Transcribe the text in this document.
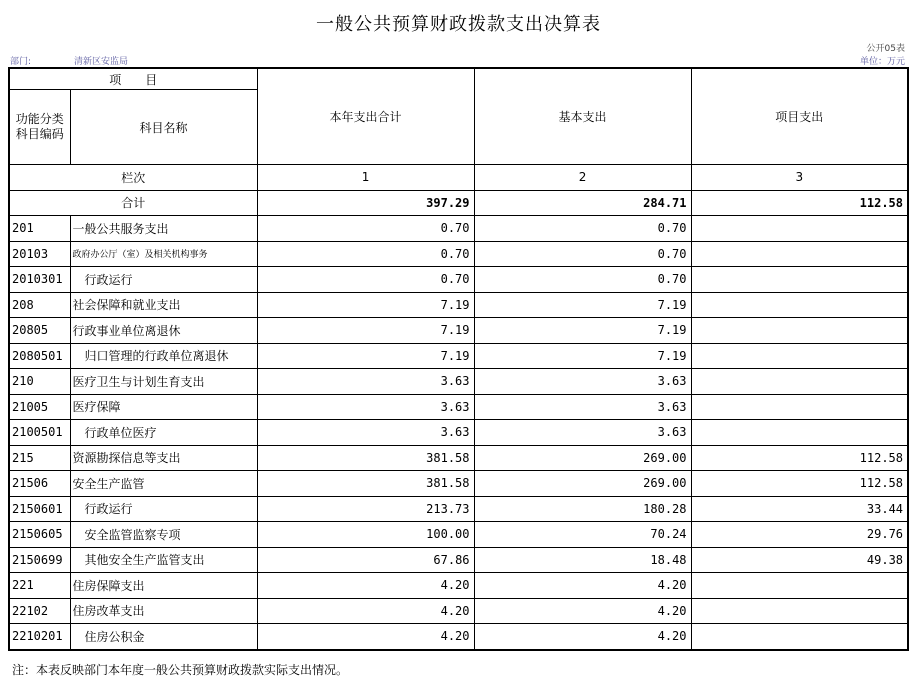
一般公共预算财政拨款支出决算表
部门:	清新区安监局
公开05表
单位：万元
项　　目		本年支出合计	基本支出	项目支出
功能分类
科目编码	科目名称			
栏次		1	2	3
合计		397.29	284.71	112.58
201	一般公共服务支出	0.70	0.70	
20103	政府办公厅（室）及相关机构事务	0.70	0.70	
2010301	行政运行	0.70	0.70	
208	社会保障和就业支出	7.19	7.19	
20805	行政事业单位离退休	7.19	7.19	
2080501	归口管理的行政单位离退休	7.19	7.19	
210	医疗卫生与计划生育支出	3.63	3.63	
21005	医疗保障	3.63	3.63	
2100501	行政单位医疗	3.63	3.63	
215	资源勘探信息等支出	381.58	269.00	112.58
21506	安全生产监管	381.58	269.00	112.58
2150601	行政运行	213.73	180.28	33.44
2150605	安全监管监察专项	100.00	70.24	29.76
2150699	其他安全生产监管支出	67.86	18.48	49.38
221	住房保障支出	4.20	4.20	
22102	住房改革支出	4.20	4.20	
2210201	住房公积金	4.20	4.20	
注：本表反映部门本年度一般公共预算财政拨款实际支出情况。
